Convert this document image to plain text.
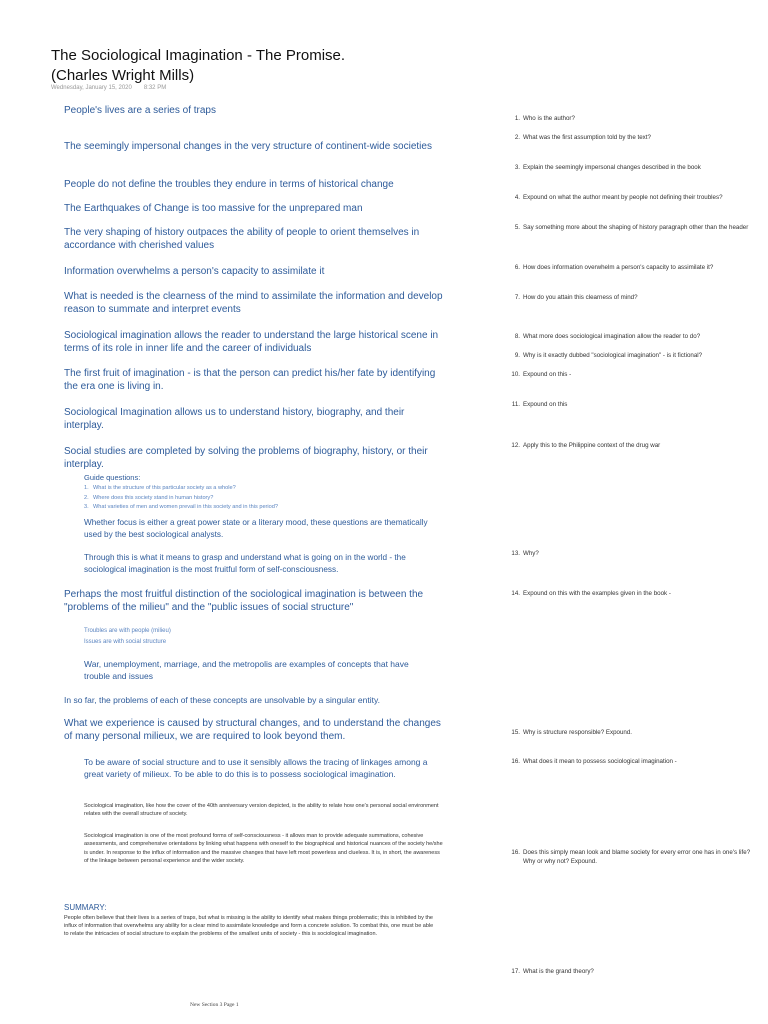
The Sociological Imagination - The Promise. (Charles Wright Mills)
Wednesday, January 15, 2020 8:32 PM
People's lives are a series of traps
The seemingly impersonal changes in the very structure of continent-wide societies
People do not define the troubles they endure in terms of historical change
The Earthquakes of Change is too massive for the unprepared man
The very shaping of history outpaces the ability of people to orient themselves in accordance with cherished values
Information overwhelms a person's capacity to assimilate it
What is needed is the clearness of the mind to assimilate the information and develop reason to summate and interpret events
Sociological imagination allows the reader to understand the large historical scene in terms of its role in inner life and the career of individuals
The first fruit of imagination - is that the person can predict his/her fate by identifying the era one is living in.
Sociological Imagination allows us to understand history, biography, and their interplay.
Social studies are completed by solving the problems of biography, history, or their interplay.
Guide questions:
1. What is the structure of this particular society as a whole?
2. Where does this society stand in human history?
3. What varieties of men and women prevail in this society and in this period?
Whether focus is either a great power state or a literary mood, these questions are thematically used by the best sociological analysts.
Through this is what it means to grasp and understand what is going on in the world - the sociological imagination is the most fruitful form of self-consciousness.
Perhaps the most fruitful distinction of the sociological imagination is between the "problems of the milieu" and the "public issues of social structure"
Troubles are with people (milieu)
Issues are with social structure
War, unemployment, marriage, and the metropolis are examples of concepts that have trouble and issues
In so far, the problems of each of these concepts are unsolvable by a singular entity.
What we experience is caused by structural changes, and to understand the changes of many personal milieux, we are required to look beyond them.
To be aware of social structure and to use it sensibly allows the tracing of linkages among a great variety of milieux. To be able to do this is to possess sociological imagination.
Sociological imagination, like how the cover of the 40th anniversary version depicted, is the ability to relate how one's personal social environment relates with the overall structure of society.
Sociological imagination is one of the most profound forms of self-consciousness - it allows man to provide adequate summations, cohesive assessments, and comprehensive orientations by linking what happens with oneself to the biographical and historical nuances of the society he/she is under. In response to the influx of information and the massive changes that have left most powerless and clueless. It is, in short, the awareness of the linkage between personal experience and the wider society.
SUMMARY:
People often believe that their lives is a series of traps, but what is missing is the ability to identify what makes things problematic; this is inhibited by the influx of information that overwhelms any ability for a clear mind to assimilate knowledge and form a concrete solution. To combat this, one must be able to relate the intricacies of social structure to explain the problems of the smallest units of society - this is sociological imagination.
1. Who is the author?
2. What was the first assumption told by the text?
3. Explain the seemingly impersonal changes described in the book
4. Expound on what the author meant by people not defining their troubles?
5. Say something more about the shaping of history paragraph other than the header
6. How does information overwhelm a person's capacity to assimilate it?
7. How do you attain this clearness of mind?
8. What more does sociological imagination allow the reader to do?
9. Why is it exactly dubbed "sociological imagination" - is it fictional?
10. Expound on this -
11. Expound on this
12. Apply this to the Philippine context of the drug war
13. Why?
14. Expound on this with the examples given in the book -
15. Why is structure responsible? Expound.
16. What does it mean to possess sociological imagination -
16. Does this simply mean look and blame society for every error one has in one's life? Why or why not? Expound.
17. What is the grand theory?
New Section 3 Page 1
